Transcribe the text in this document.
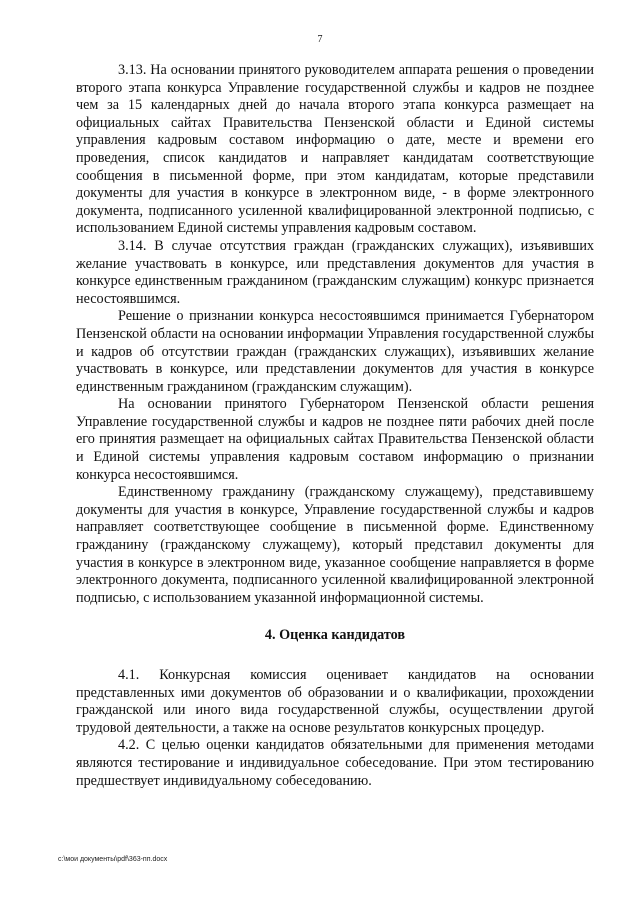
7

3.13. На основании принятого руководителем аппарата решения о проведении второго этапа конкурса Управление государственной службы и кадров не позднее чем за 15 календарных дней до начала второго этапа конкурса размещает на официальных сайтах Правительства Пензенской области и Единой системы управления кадровым составом информацию о дате, месте и времени его проведения, список кандидатов и направляет кандидатам соответствующие сообщения в письменной форме, при этом кандидатам, которые представили документы для участия в конкурсе в электронном виде, - в форме электронного документа, подписанного усиленной квалифицированной электронной подписью, с использованием Единой системы управления кадровым составом.

3.14. В случае отсутствия граждан (гражданских служащих), изъявивших желание участвовать в конкурсе, или представления документов для участия в конкурсе единственным гражданином (гражданским служащим) конкурс признается несостоявшимся.

Решение о признании конкурса несостоявшимся принимается Губернатором Пензенской области на основании информации Управления государственной службы и кадров об отсутствии граждан (гражданских служащих), изъявивших желание участвовать в конкурсе, или представлении документов для участия в конкурсе единственным гражданином (гражданским служащим).

На основании принятого Губернатором Пензенской области решения Управление государственной службы и кадров не позднее пяти рабочих дней после его принятия размещает на официальных сайтах Правительства Пензенской области и Единой системы управления кадровым составом информацию о признании конкурса несостоявшимся.

Единственному гражданину (гражданскому служащему), представившему документы для участия в конкурсе, Управление государственной службы и кадров направляет соответствующее сообщение в письменной форме. Единственному гражданину (гражданскому служащему), который представил документы для участия в конкурсе в электронном виде, указанное сообщение направляется в форме электронного документа, подписанного усиленной квалифицированной электронной подписью, с использованием указанной информационной системы.

4. Оценка кандидатов

4.1. Конкурсная комиссия оценивает кандидатов на основании представленных ими документов об образовании и о квалификации, прохождении гражданской или иного вида государственной службы, осуществлении другой трудовой деятельности, а также на основе результатов конкурсных процедур.

4.2. С целью оценки кандидатов обязательными для применения методами являются тестирование и индивидуальное собеседование. При этом тестированию предшествует индивидуальному собеседованию.

c:\мои документы\pdf\363-пп.docx
